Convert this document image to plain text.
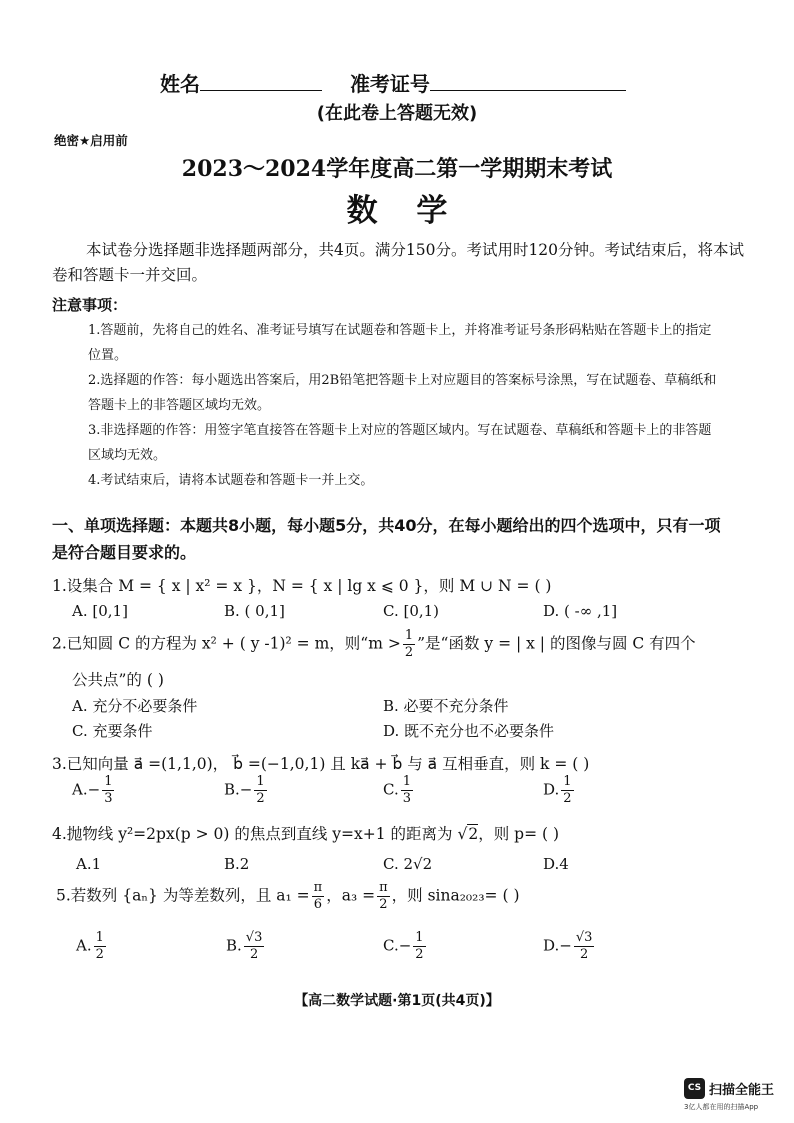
姓名	准考证号
(在此卷上答题无效)
绝密★启用前
2023～2024学年度高二第一学期期末考试
数 学
本试卷分选择题非选择题两部分，共4页。满分150分。考试用时120分钟。考试结束后，将本试卷和答题卡一并交回。
注意事项：

1.答题前，先将自己的姓名、准考证号填写在试题卷和答题卡上，并将准考证号条形码粘贴在答题卡上的指定位置。

2.选择题的作答：每小题选出答案后，用2B铅笔把答题卡上对应题目的答案标号涂黑，写在试题卷、草稿纸和答题卡上的非答题区域均无效。

3.非选择题的作答：用签字笔直接答在答题卡上对应的答题区域内。写在试题卷、草稿纸和答题卡上的非答题区域均无效。

4.考试结束后，请将本试题卷和答题卡一并上交。

一、单项选择题：本题共8小题，每小题5分，共40分，在每小题给出的四个选项中，只有一项是符合题目要求的。
1.设集合 M = { x | x² = x }，N = { x | lg x ⩽ 0 }，则 M ∪ N = ( )
A. [0,1]	B. ( 0,1]	C. [0,1)	D. ( -∞ ,1]
2.已知圆 C 的方程为 x² + ( y -1)² = m，则“$m > \frac{1}{2}$ ”是“函数 y = | x | 的图像与圆 C 有四个
公共点”的 ( )
A. 充分不必要条件	B. 必要不充分条件
C. 充要条件	D. 既不充分也不必要条件
3.已知向量 a⃗ =(1,1,0)， b⃗ =(−1,0,1) 且 ka⃗ + b⃗ 与 a⃗ 互相垂直，则 k = ( )
$A.- \frac{1}{3}$	$B.- \frac{1}{2}$	C. $\frac{1}{3}$	D. $\frac{1}{2}$
4.抛物线 y²=2px(p > 0) 的焦点到直线 y=x+1 的距离为 √2，则 p= ( )
A.1	B.2	C. 2√2	D.4
5.若数列 {aₙ} 为等差数列，且 $a_1 = \frac{\pi}{6}$ ，$a_3 = \frac{\pi}{2}$ ，则 sina₂₀₂₃= ( )
A. $\frac{1}{2}$	B. $\frac{√3}{2}$	$C.- \frac{1}{2}$	$D.- \frac{√3}{2}$
【高二数学试题·第1页(共4页)】
CS 扫描全能王
3亿人都在用的扫描App
